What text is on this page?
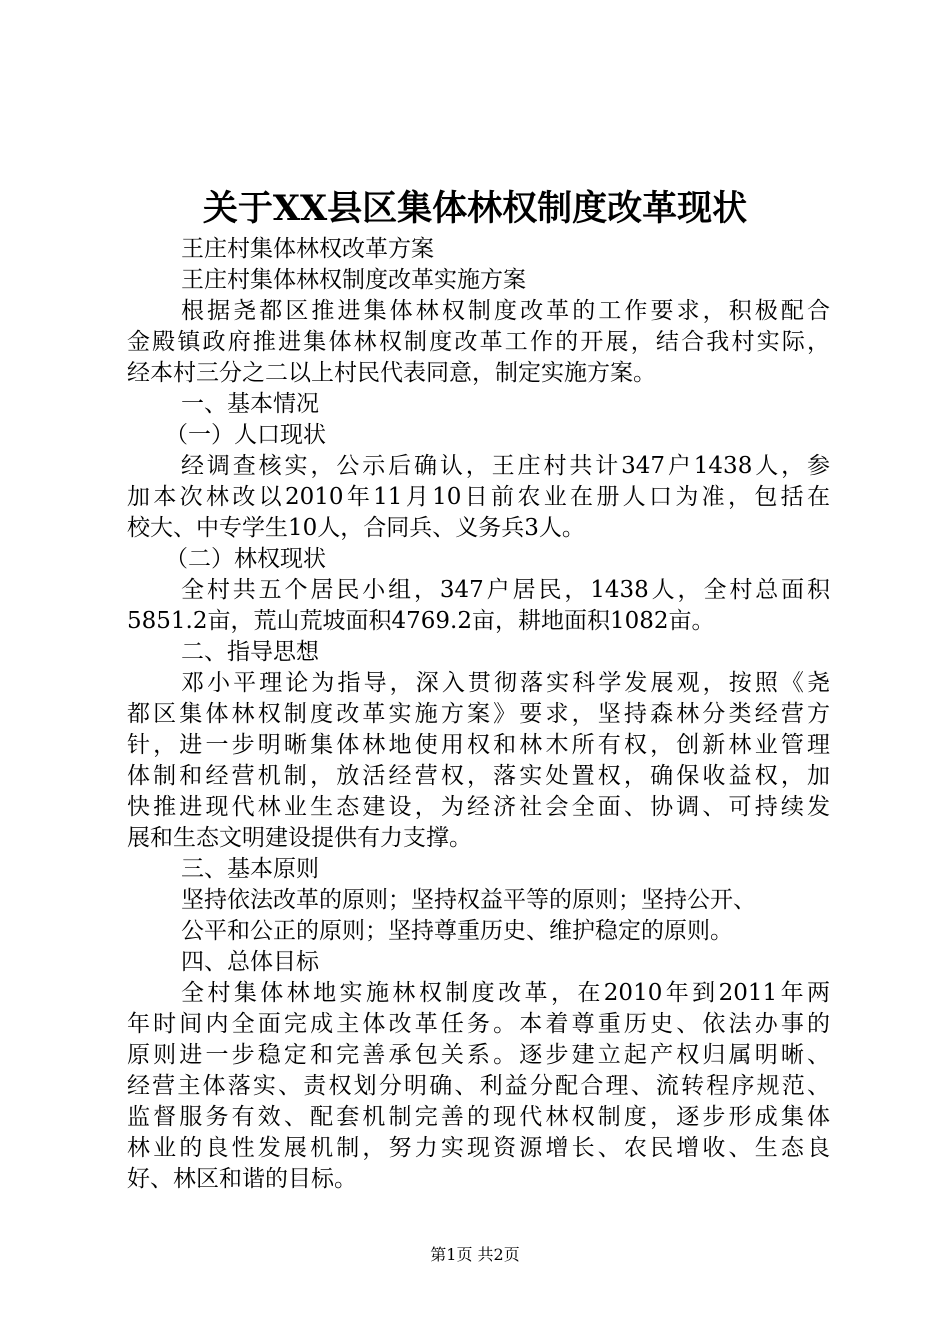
关于XX县区集体林权制度改革现状
王庄村集体林权改革方案
王庄村集体林权制度改革实施方案
根据尧都区推进集体林权制度改革的工作要求，积极配合
金殿镇政府推进集体林权制度改革工作的开展，结合我村实际，
经本村三分之二以上村民代表同意，制定实施方案。
一、基本情况
（一）人口现状
经调查核实，公示后确认，王庄村共计347户1438人，参
加本次林改以2010年11月10日前农业在册人口为准，包括在
校大、中专学生10人，合同兵、义务兵3人。
（二）林权现状
全村共五个居民小组，347户居民，1438人，全村总面积
5851.2亩，荒山荒坡面积4769.2亩，耕地面积1082亩。
二、指导思想
邓小平理论为指导，深入贯彻落实科学发展观，按照《尧
都区集体林权制度改革实施方案》要求，坚持森林分类经营方
针，进一步明晰集体林地使用权和林木所有权，创新林业管理
体制和经营机制，放活经营权，落实处置权，确保收益权，加
快推进现代林业生态建设，为经济社会全面、协调、可持续发
展和生态文明建设提供有力支撑。
三、基本原则
坚持依法改革的原则；坚持权益平等的原则；坚持公开、
公平和公正的原则；坚持尊重历史、维护稳定的原则。
四、总体目标
全村集体林地实施林权制度改革，在2010年到2011年两
年时间内全面完成主体改革任务。本着尊重历史、依法办事的
原则进一步稳定和完善承包关系。逐步建立起产权归属明晰、
经营主体落实、责权划分明确、利益分配合理、流转程序规范、
监督服务有效、配套机制完善的现代林权制度，逐步形成集体
林业的良性发展机制，努力实现资源增长、农民增收、生态良
好、林区和谐的目标。
第1页 共2页
